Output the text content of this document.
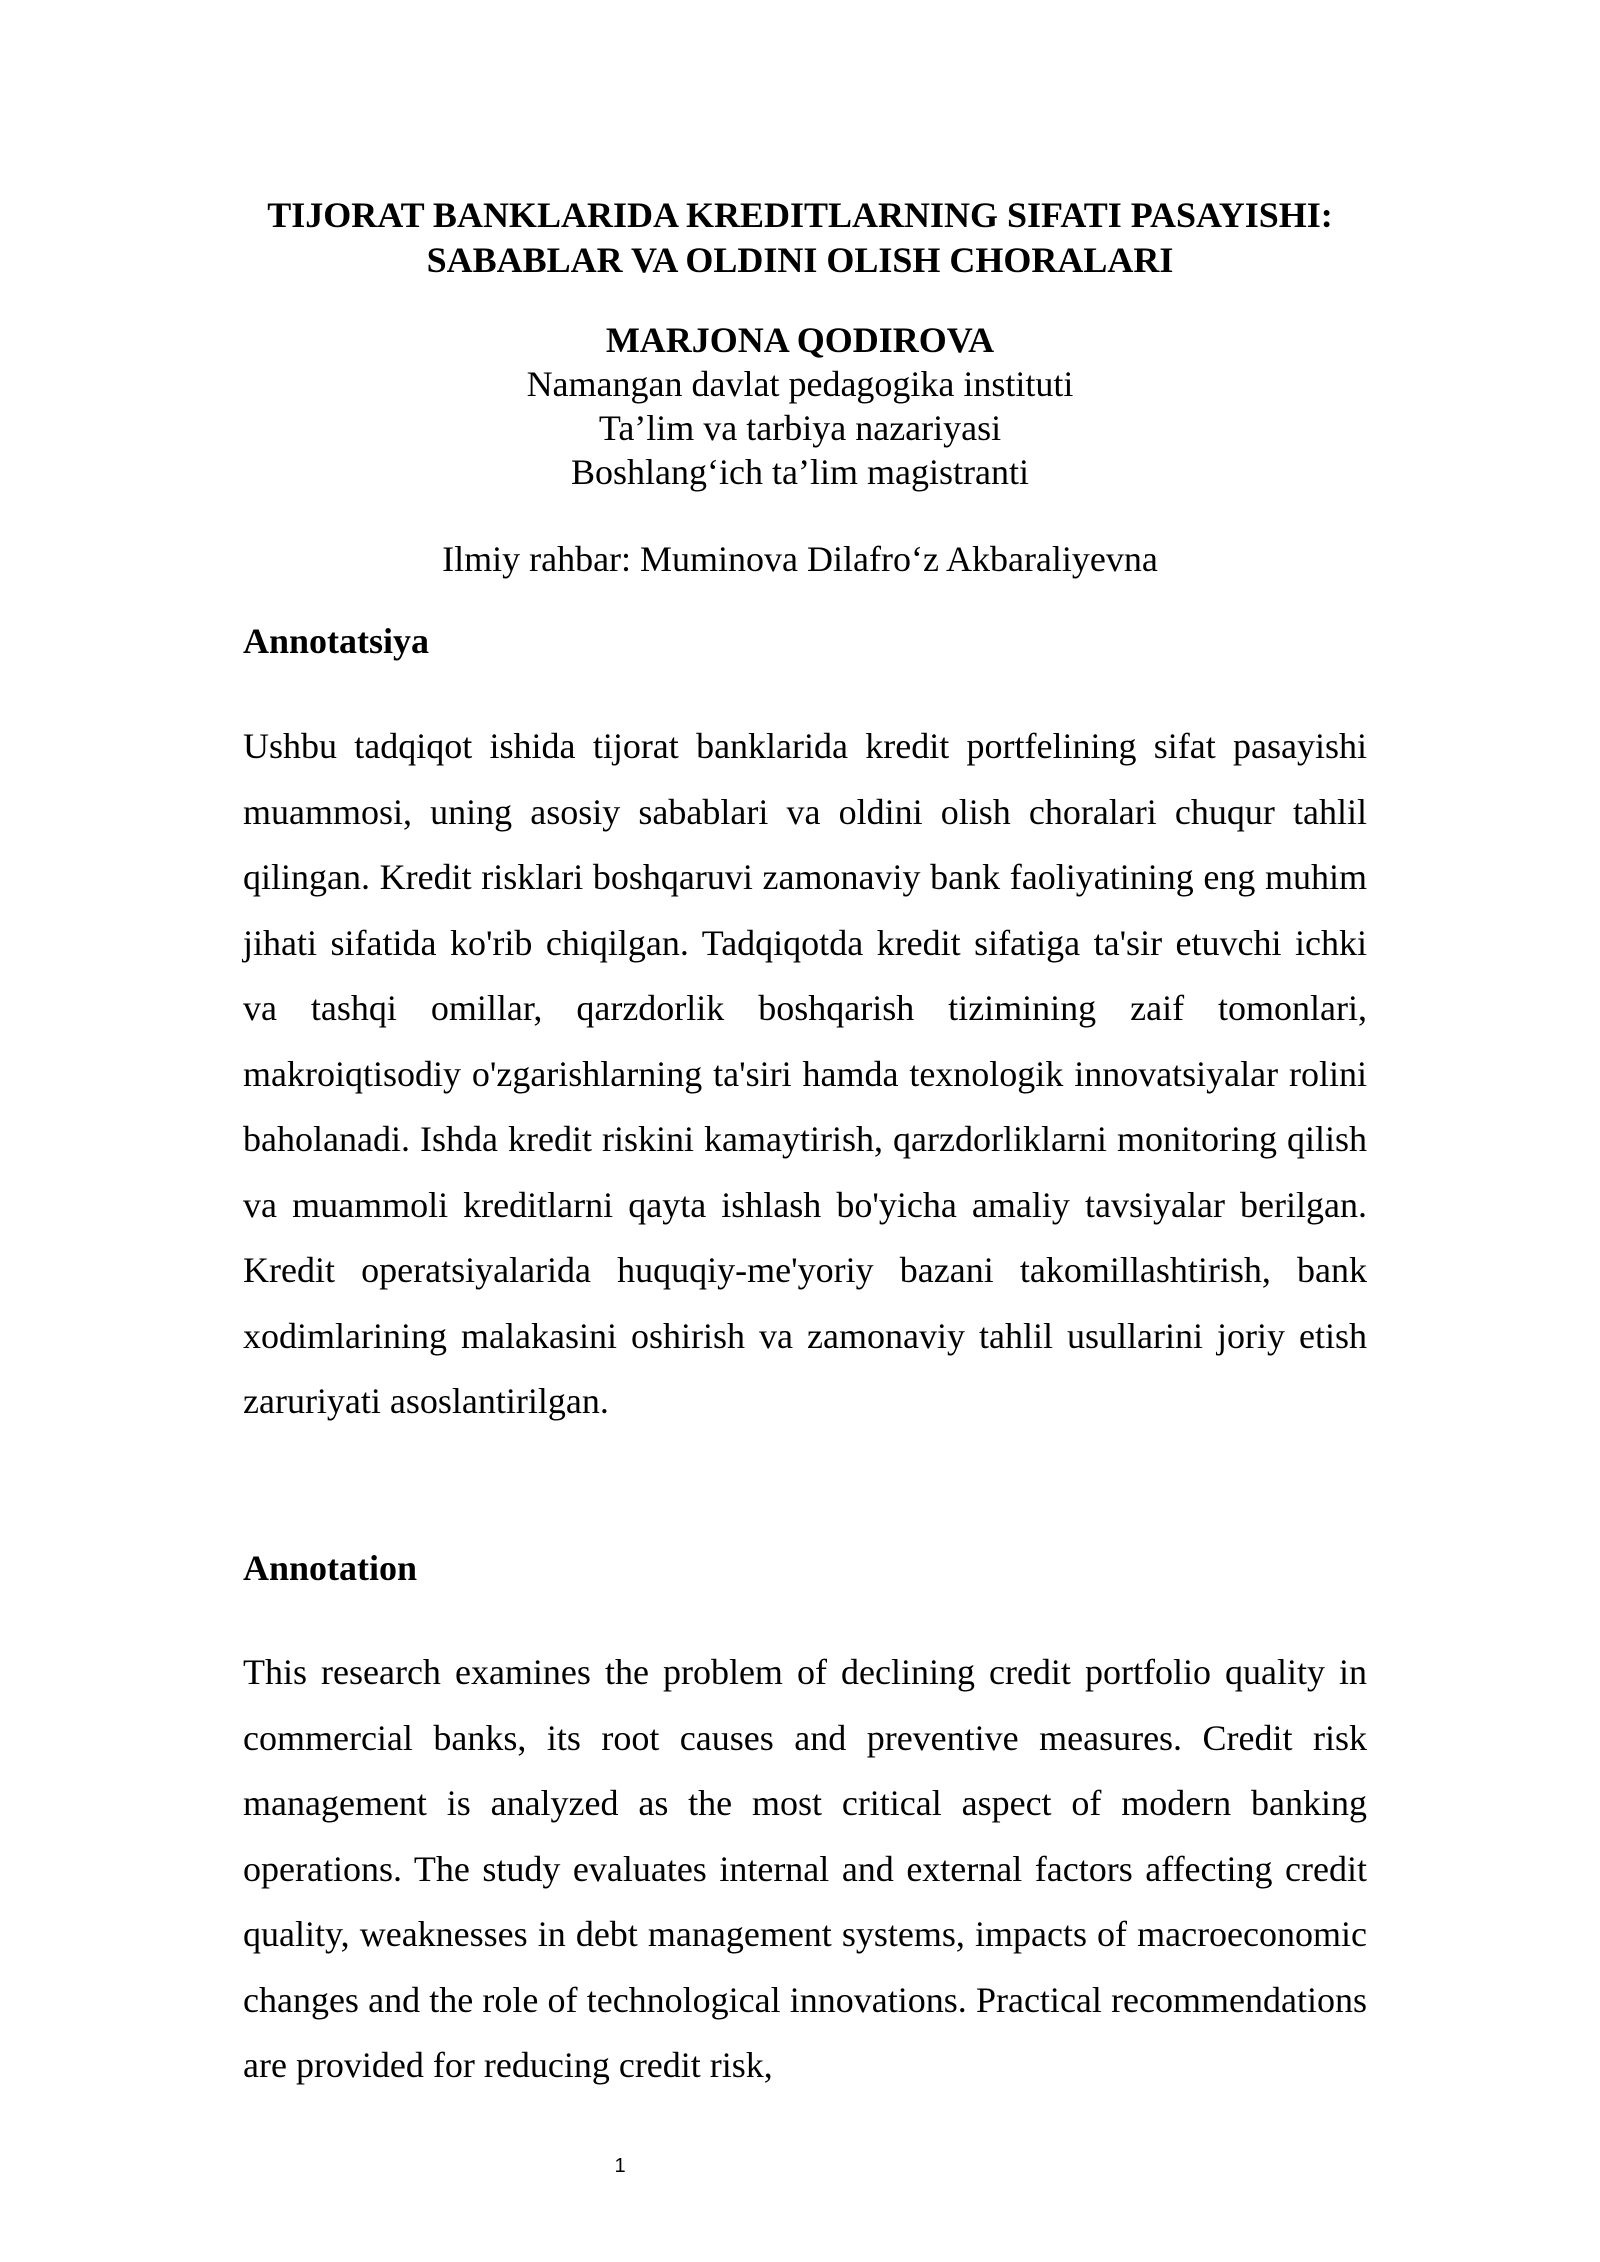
TIJORAT BANKLARIDA KREDITLARNING SIFATI PASAYISHI:
SABABLAR VA OLDINI OLISH CHORALARI
MARJONA QODIROVA
Namangan davlat pedagogika instituti
Ta’lim va tarbiya nazariyasi
Boshlang‘ich ta’lim magistranti
Ilmiy rahbar: Muminova Dilafro‘z Akbaraliyevna
Annotatsiya
Ushbu tadqiqot ishida tijorat banklarida kredit portfelining sifat pasayishi muammosi, uning asosiy sabablari va oldini olish choralari chuqur tahlil qilingan. Kredit risklari boshqaruvi zamonaviy bank faoliyatining eng muhim jihati sifatida ko'rib chiqilgan. Tadqiqotda kredit sifatiga ta'sir etuvchi ichki va tashqi omillar, qarzdorlik boshqarish tizimining zaif tomonlari, makroiqtisodiy o'zgarishlarning ta'siri hamda texnologik innovatsiyalar rolini baholanadi. Ishda kredit riskini kamaytirish, qarzdorliklarni monitoring qilish va muammoli kreditlarni qayta ishlash bo'yicha amaliy tavsiyalar berilgan. Kredit operatsiyalarida huquqiy-me'yoriy bazani takomillashtirish, bank xodimlarining malakasini oshirish va zamonaviy tahlil usullarini joriy etish zaruriyati asoslantirilgan.
Annotation
This research examines the problem of declining credit portfolio quality in commercial banks, its root causes and preventive measures. Credit risk management is analyzed as the most critical aspect of modern banking operations. The study evaluates internal and external factors affecting credit quality, weaknesses in debt management systems, impacts of macroeconomic changes and the role of technological innovations. Practical recommendations are provided for reducing credit risk,
1
